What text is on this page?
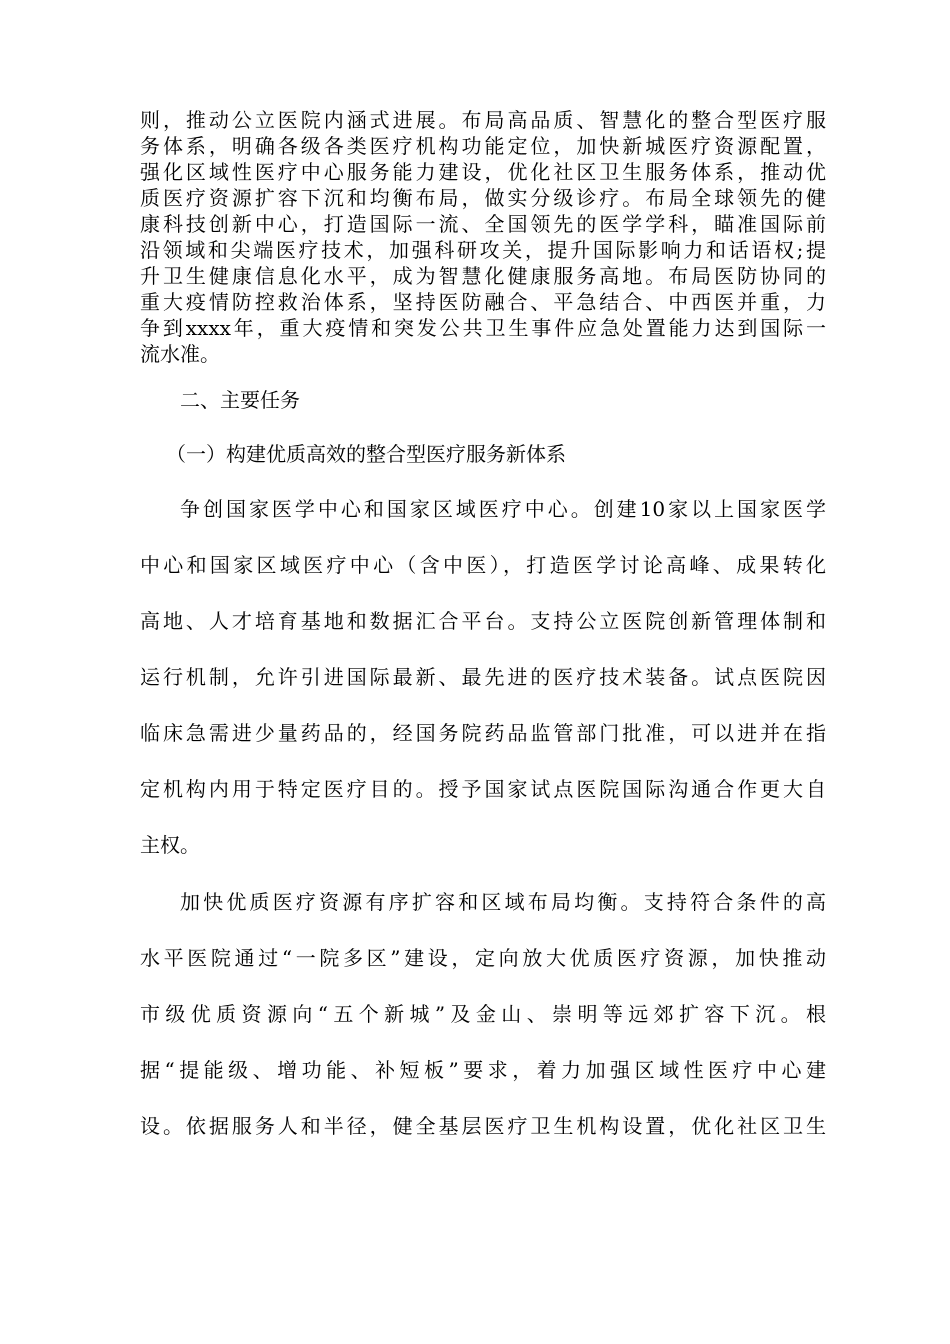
则，推动公立医院内涵式进展。布局高品质、智慧化的整合型医疗服
务体系，明确各级各类医疗机构功能定位，加快新城医疗资源配置，
强化区域性医疗中心服务能力建设，优化社区卫生服务体系，推动优
质医疗资源扩容下沉和均衡布局，做实分级诊疗。布局全球领先的健
康科技创新中心，打造国际一流、全国领先的医学学科，瞄准国际前
沿领域和尖端医疗技术，加强科研攻关，提升国际影响力和话语权;提
升卫生健康信息化水平，成为智慧化健康服务高地。布局医防协同的
重大疫情防控救治体系，坚持医防融合、平急结合、中西医并重，力
争到xxxx年，重大疫情和突发公共卫生事件应急处置能力达到国际一
流水准。
二、主要任务
（一）构建优质高效的整合型医疗服务新体系
争创国家医学中心和国家区域医疗中心。创建10家以上国家医学
中心和国家区域医疗中心（含中医），打造医学讨论高峰、成果转化
高地、人才培育基地和数据汇合平台。支持公立医院创新管理体制和
运行机制，允许引进国际最新、最先进的医疗技术装备。试点医院因
临床急需进少量药品的，经国务院药品监管部门批准，可以进并在指
定机构内用于特定医疗目的。授予国家试点医院国际沟通合作更大自
主权。
加快优质医疗资源有序扩容和区域布局均衡。支持符合条件的高
水平医院通过“一院多区”建设，定向放大优质医疗资源，加快推动
市级优质资源向“五个新城”及金山、崇明等远郊扩容下沉。根
据“提能级、增功能、补短板”要求，着力加强区域性医疗中心建
设。依据服务人和半径，健全基层医疗卫生机构设置，优化社区卫生
